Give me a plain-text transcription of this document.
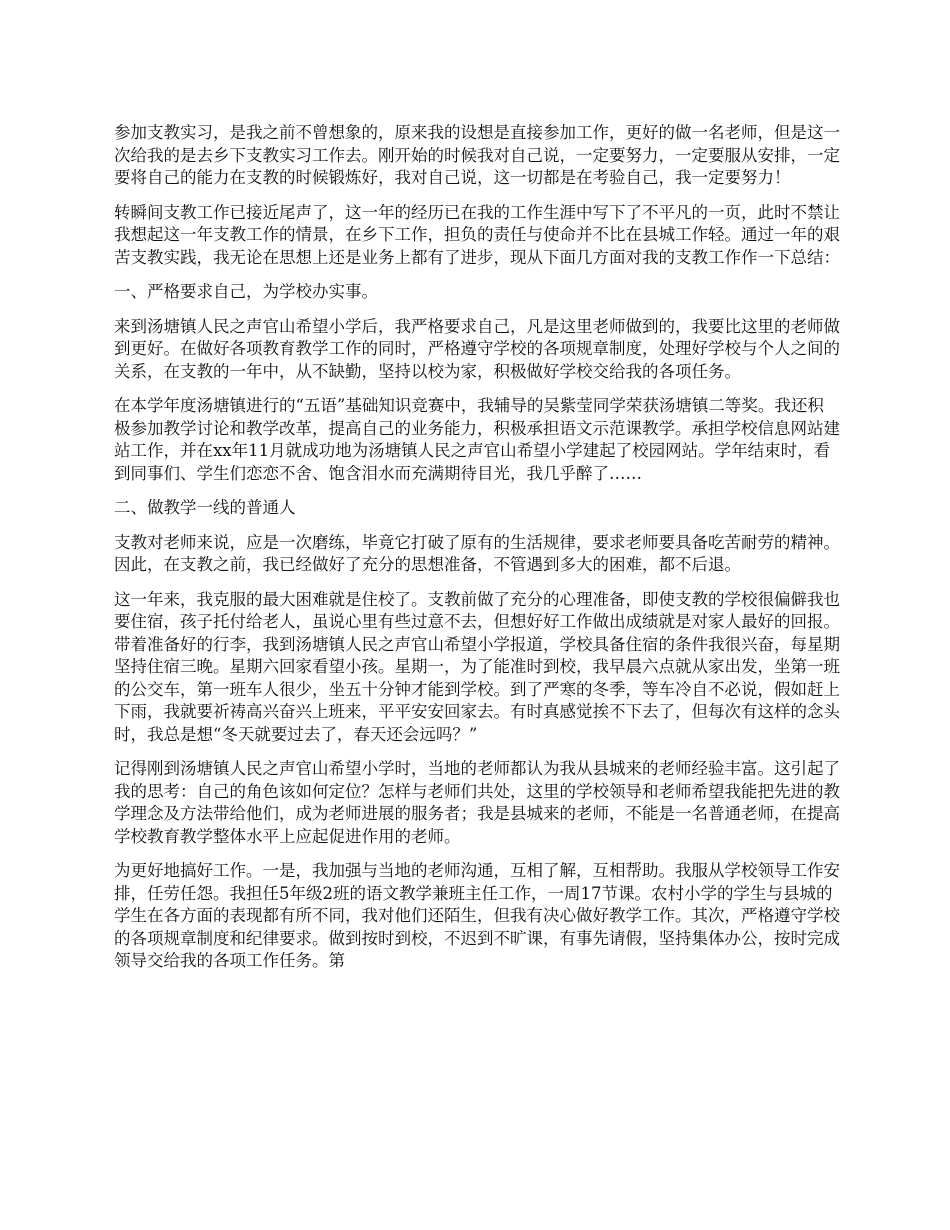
参加支教实习，是我之前不曾想象的，原来我的设想是直接参加工作，更好的做一名老师，但是这一次给我的是去乡下支教实习工作去。刚开始的时候我对自己说，一定要努力，一定要服从安排，一定要将自己的能力在支教的时候锻炼好，我对自己说，这一切都是在考验自己，我一定要努力！

转瞬间支教工作已接近尾声了，这一年的经历已在我的工作生涯中写下了不平凡的一页，此时不禁让我想起这一年支教工作的情景，在乡下工作，担负的责任与使命并不比在县城工作轻。通过一年的艰苦支教实践，我无论在思想上还是业务上都有了进步，现从下面几方面对我的支教工作作一下总结：

一、严格要求自己，为学校办实事。

来到汤塘镇人民之声官山希望小学后，我严格要求自己，凡是这里老师做到的，我要比这里的老师做到更好。在做好各项教育教学工作的同时，严格遵守学校的各项规章制度，处理好学校与个人之间的关系，在支教的一年中，从不缺勤，坚持以校为家，积极做好学校交给我的各项任务。

在本学年度汤塘镇进行的“五语”基础知识竞赛中，我辅导的吴紫莹同学荣获汤塘镇二等奖。我还积极参加教学讨论和教学改革，提高自己的业务能力，积极承担语文示范课教学。承担学校信息网站建站工作，并在xx年11月就成功地为汤塘镇人民之声官山希望小学建起了校园网站。学年结束时，看到同事们、学生们恋恋不舍、饱含泪水而充满期待目光，我几乎醉了……

二、做教学一线的普通人

支教对老师来说，应是一次磨练，毕竟它打破了原有的生活规律，要求老师要具备吃苦耐劳的精神。因此，在支教之前，我已经做好了充分的思想准备，不管遇到多大的困难，都不后退。

这一年来，我克服的最大困难就是住校了。支教前做了充分的心理准备，即使支教的学校很偏僻我也要住宿，孩子托付给老人，虽说心里有些过意不去，但想好好工作做出成绩就是对家人最好的回报。带着准备好的行李，我到汤塘镇人民之声官山希望小学报道，学校具备住宿的条件我很兴奋，每星期坚持住宿三晚。星期六回家看望小孩。星期一，为了能准时到校，我早晨六点就从家出发，坐第一班的公交车，第一班车人很少，坐五十分钟才能到学校。到了严寒的冬季，等车冷自不必说，假如赶上下雨，我就要祈祷高兴奋兴上班来，平平安安回家去。有时真感觉挨不下去了，但每次有这样的念头时，我总是想“冬天就要过去了，春天还会远吗？”

记得刚到汤塘镇人民之声官山希望小学时，当地的老师都认为我从县城来的老师经验丰富。这引起了我的思考：自己的角色该如何定位？怎样与老师们共处，这里的学校领导和老师希望我能把先进的教学理念及方法带给他们，成为老师进展的服务者；我是县城来的老师，不能是一名普通老师，在提高学校教育教学整体水平上应起促进作用的老师。

为更好地搞好工作。一是，我加强与当地的老师沟通，互相了解，互相帮助。我服从学校领导工作安排，任劳任怨。我担任5年级2班的语文教学兼班主任工作，一周17节课。农村小学的学生与县城的学生在各方面的表现都有所不同，我对他们还陌生，但我有决心做好教学工作。其次，严格遵守学校的各项规章制度和纪律要求。做到按时到校，不迟到不旷课，有事先请假，坚持集体办公，按时完成领导交给我的各项工作任务。第
